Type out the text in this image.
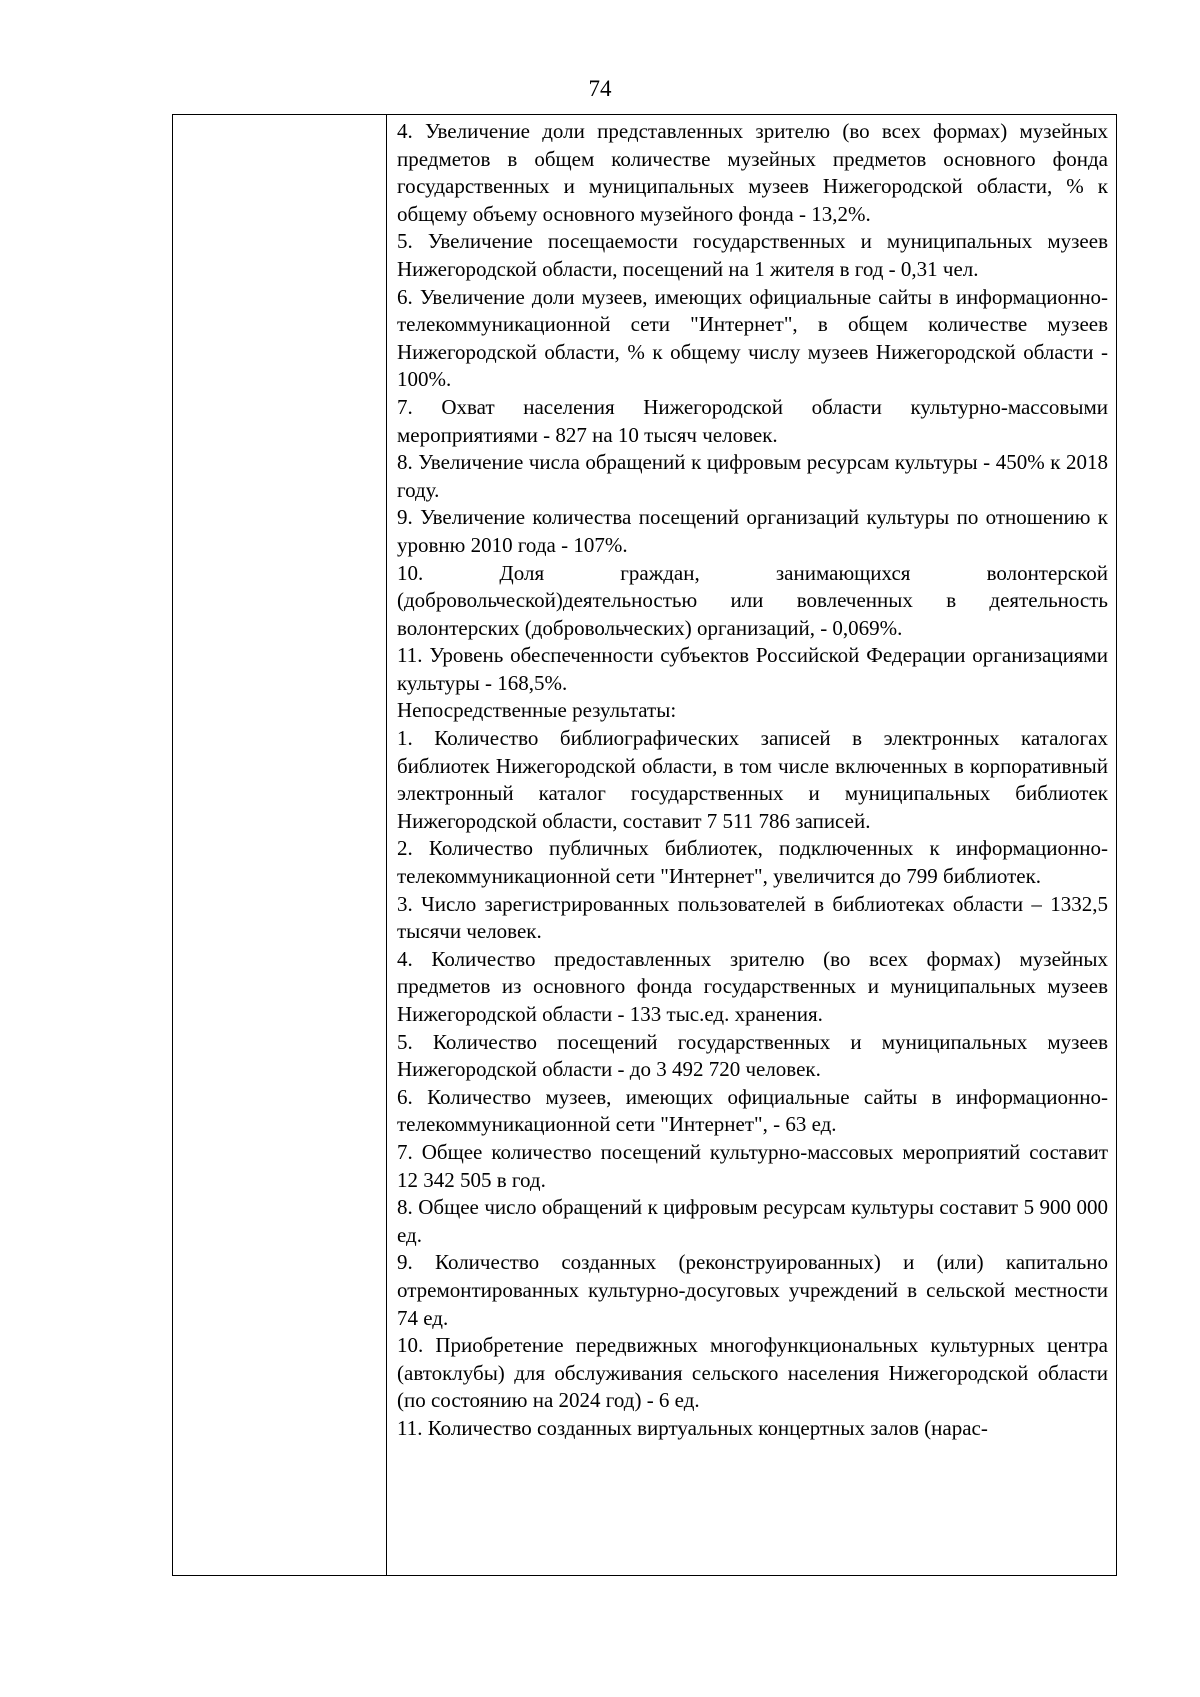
74

4. Увеличение доли представленных зрителю (во всех формах) музейных предметов в общем количестве музейных предметов основного фонда государственных и муниципальных музеев Нижегородской области, % к общему объему основного музейного фонда - 13,2%.

5. Увеличение посещаемости государственных и муниципальных музеев Нижегородской области, посещений на 1 жителя в год - 0,31 чел.

6. Увеличение доли музеев, имеющих официальные сайты в информационно-телекоммуникационной сети "Интернет", в общем количестве музеев Нижегородской области, % к общему числу музеев Нижегородской области - 100%.

7. Охват населения Нижегородской области культурно-массовыми мероприятиями - 827 на 10 тысяч человек.

8. Увеличение числа обращений к цифровым ресурсам культуры - 450% к 2018 году.

9. Увеличение количества посещений организаций культуры по отношению к уровню 2010 года - 107%.

10. Доля граждан, занимающихся волонтерской (добровольческой)деятельностью или вовлеченных в деятельность волонтерских (добровольческих) организаций, - 0,069%.

11. Уровень обеспеченности субъектов Российской Федерации организациями культуры - 168,5%.

Непосредственные результаты:

1. Количество библиографических записей в электронных каталогах библиотек Нижегородской области, в том числе включенных в корпоративный электронный каталог государственных и муниципальных библиотек Нижегородской области, составит 7 511 786 записей.

2. Количество публичных библиотек, подключенных к информационно-телекоммуникационной сети "Интернет", увеличится до 799 библиотек.

3. Число зарегистрированных пользователей в библиотеках области – 1332,5 тысячи человек.

4. Количество предоставленных зрителю (во всех формах) музейных предметов из основного фонда государственных и муниципальных музеев Нижегородской области - 133 тыс.ед. хранения.

5. Количество посещений государственных и муниципальных музеев Нижегородской области - до 3 492 720 человек.

6. Количество музеев, имеющих официальные сайты в информационно-телекоммуникационной сети "Интернет", - 63 ед.

7. Общее количество посещений культурно-массовых мероприятий составит 12 342 505 в год.

8. Общее число обращений к цифровым ресурсам культуры составит 5 900 000 ед.

9. Количество созданных (реконструированных) и (или) капитально отремонтированных культурно-досуговых учреждений в сельской местности 74 ед.

10. Приобретение передвижных многофункциональных культурных центра (автоклубы) для обслуживания сельского населения Нижегородской области (по состоянию на 2024 год) - 6 ед.

11. Количество созданных виртуальных концертных залов (нарас-
